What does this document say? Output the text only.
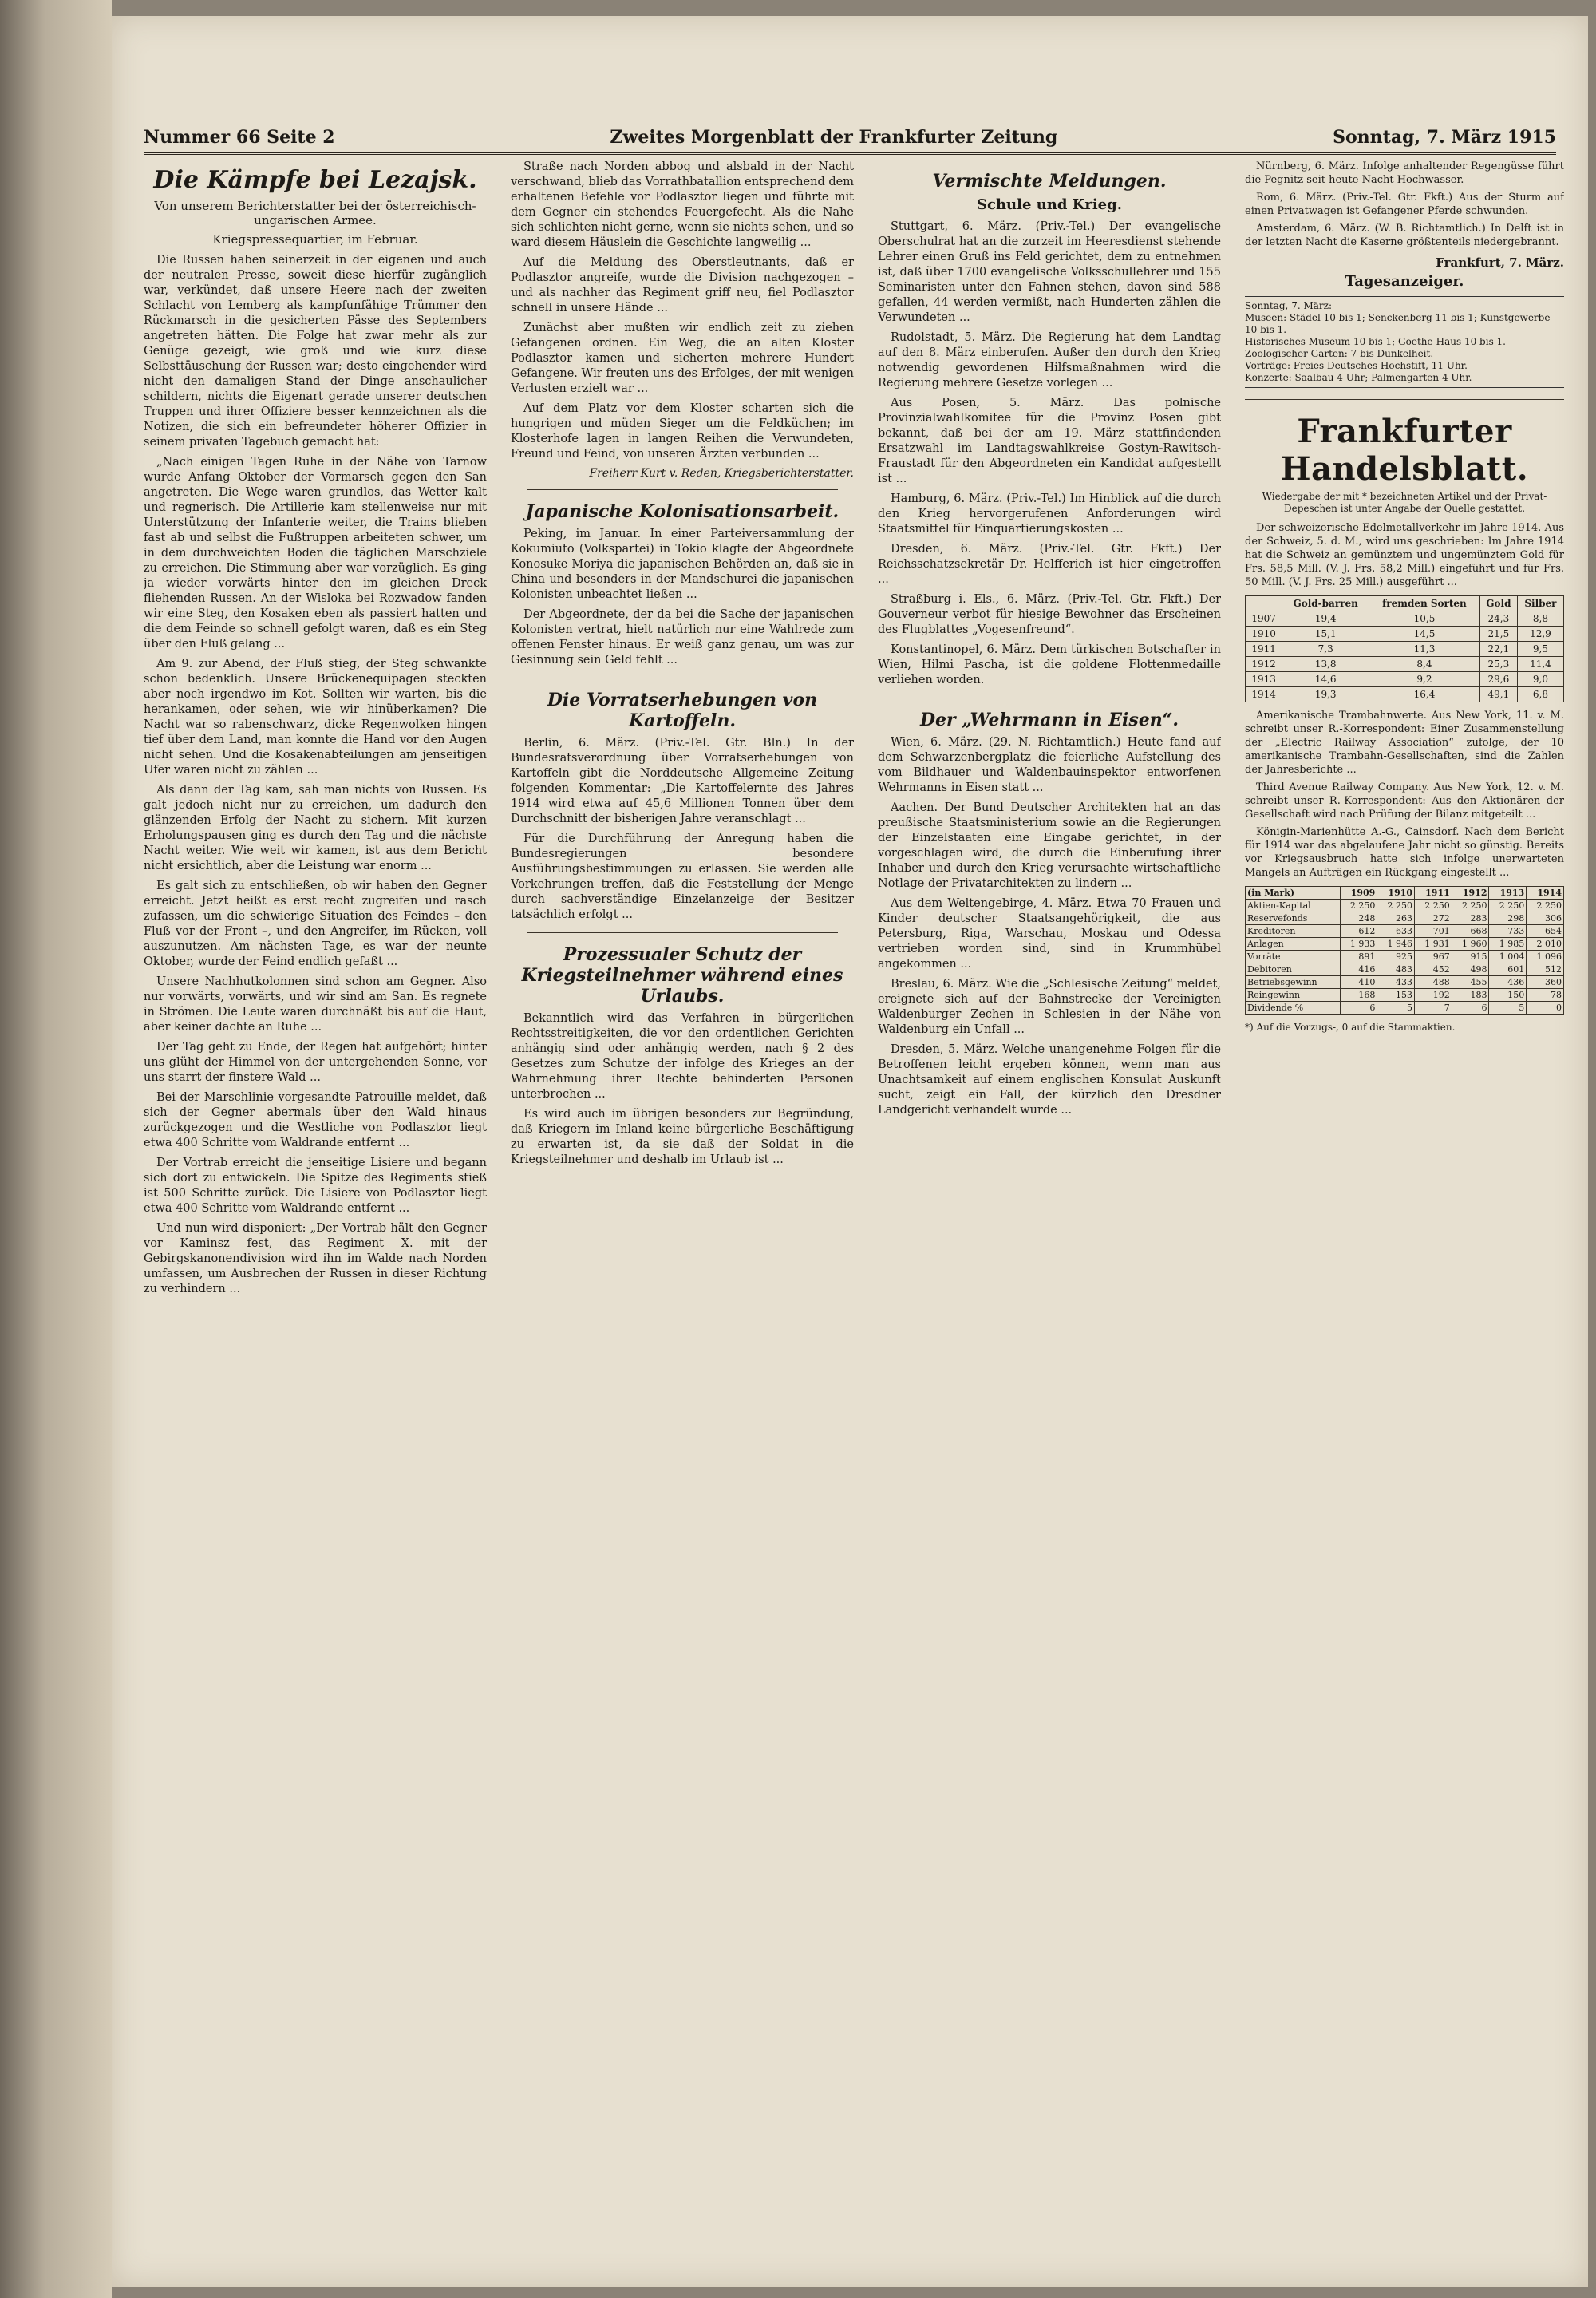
Nummer 66 Seite 2	Zweites Morgenblatt der Frankfurter Zeitung	Sonntag, 7. März 1915
Die Kämpfe bei Lezajsk.
Von unserem Berichterstatter bei der österreichisch-ungarischen Armee.
Kriegspressequartier, im Februar.

Die Russen haben seinerzeit in der eigenen und auch der neutralen Presse, soweit diese hierfür zugänglich war, verkündet, daß unsere Heere nach der zweiten Schlacht von Lemberg als kampfunfähige Trümmer den Rückmarsch in die gesicherten Pässe des Septembers angetreten hätten. Die Folge hat zwar mehr als zur Genüge gezeigt, wie groß und wie kurz diese Selbsttäuschung der Russen war; desto eingehender wird nicht den damaligen Stand der Dinge anschaulicher schildern, nichts die Eigenart gerade unserer deutschen Truppen und ihrer Offiziere besser kennzeichnen als die Notizen, die sich ein befreundeter höherer Offizier in seinem privaten Tagebuch gemacht hat:

„Nach einigen Tagen Ruhe in der Nähe von Tarnow wurde Anfang Oktober der Vormarsch gegen den San angetreten. Die Wege waren grundlos, das Wetter kalt und regnerisch. Die Artillerie kam stellenweise nur mit Unterstützung der Infanterie weiter, die Trains blieben fast ab und selbst die Fußtruppen arbeiteten schwer, um in dem durchweichten Boden die täglichen Marschziele zu erreichen. Die Stimmung aber war vorzüglich. Es ging ja wieder vorwärts hinter den im gleichen Dreck fliehenden Russen. An der Wisloka bei Rozwadow fanden wir eine Steg, den Kosaken eben als passiert hatten und die dem Feinde so schnell gefolgt waren, daß es ein Steg über den Fluß gelang ...

Am 9. zur Abend, der Fluß stieg, der Steg schwankte schon bedenklich. Unsere Brückenequipagen steckten aber noch irgendwo im Kot. Sollten wir warten, bis die herankamen, oder sehen, wie wir hinüberkamen? Die Nacht war so rabenschwarz, dicke Regenwolken hingen tief über dem Land, man konnte die Hand vor den Augen nicht sehen. Und die Kosakenabteilungen am jenseitigen Ufer waren nicht zu zählen ...

Als dann der Tag kam, sah man nichts von Russen. Es galt jedoch nicht nur zu erreichen, um dadurch den glänzenden Erfolg der Nacht zu sichern. Mit kurzen Erholungspausen ging es durch den Tag und die nächste Nacht weiter. Wie weit wir kamen, ist aus dem Bericht nicht ersichtlich, aber die Leistung war enorm ...

Es galt sich zu entschließen, ob wir haben den Gegner erreicht. Jetzt heißt es erst recht zugreifen und rasch zufassen, um die schwierige Situation des Feindes – den Fluß vor der Front –, und den Angreifer, im Rücken, voll auszunutzen. Am nächsten Tage, es war der neunte Oktober, wurde der Feind endlich gefaßt ...

Unsere Nachhutkolonnen sind schon am Gegner. Also nur vorwärts, vorwärts, und wir sind am San. Es regnete in Strömen. Die Leute waren durchnäßt bis auf die Haut, aber keiner dachte an Ruhe ...

Der Tag geht zu Ende, der Regen hat aufgehört; hinter uns glüht der Himmel von der untergehenden Sonne, vor uns starrt der finstere Wald ...

Bei der Marschlinie vorgesandte Patrouille meldet, daß sich der Gegner abermals über den Wald hinaus zurückgezogen und die Westliche von Podlasztor liegt etwa 400 Schritte vom Waldrande entfernt ...

Der Vortrab erreicht die jenseitige Lisiere und begann sich dort zu entwickeln. Die Spitze des Regiments stieß ist 500 Schritte zurück. Die Lisiere von Podlasztor liegt etwa 400 Schritte vom Waldrande entfernt ...

Und nun wird disponiert: „Der Vortrab hält den Gegner vor Kaminsz fest, das Regiment X. mit der Gebirgskanonendivision wird ihn im Walde nach Norden umfassen, um Ausbrechen der Russen in dieser Richtung zu verhindern ...

Straße nach Norden abbog und alsbald in der Nacht verschwand, blieb das Vorrathbatallion entsprechend dem erhaltenen Befehle vor Podlasztor liegen und führte mit dem Gegner ein stehendes Feuergefecht. Als die Nahe sich schlichten nicht gerne, wenn sie nichts sehen, und so ward diesem Häuslein die Geschichte langweilig ...

Auf die Meldung des Oberstleutnants, daß er Podlasztor angreife, wurde die Division nachgezogen – und als nachher das Regiment griff neu, fiel Podlasztor schnell in unsere Hände ...

Zunächst aber mußten wir endlich zeit zu ziehen Gefangenen ordnen. Ein Weg, die an alten Kloster Podlasztor kamen und sicherten mehrere Hundert Gefangene. Wir freuten uns des Erfolges, der mit wenigen Verlusten erzielt war ...

Auf dem Platz vor dem Kloster scharten sich die hungrigen und müden Sieger um die Feldküchen; im Klosterhofe lagen in langen Reihen die Verwundeten, Freund und Feind, von unseren Ärzten verbunden ...

Freiherr Kurt v. Reden, Kriegsberichterstatter.
Japanische Kolonisationsarbeit.

Peking, im Januar. In einer Parteiversammlung der Kokumiuto (Volkspartei) in Tokio klagte der Abgeordnete Konosuke Moriya die japanischen Behörden an, daß sie in China und besonders in der Mandschurei die japanischen Kolonisten unbeachtet ließen ...

Der Abgeordnete, der da bei die Sache der japanischen Kolonisten vertrat, hielt natürlich nur eine Wahlrede zum offenen Fenster hinaus. Er weiß ganz genau, um was zur Gesinnung sein Geld fehlt ...

Die Vorratserhebungen von Kartoffeln.

Berlin, 6. März. (Priv.-Tel. Gtr. Bln.) In der Bundesratsverordnung über Vorratserhebungen von Kartoffeln gibt die Norddeutsche Allgemeine Zeitung folgenden Kommentar: „Die Kartoffelernte des Jahres 1914 wird etwa auf 45,6 Millionen Tonnen über dem Durchschnitt der bisherigen Jahre veranschlagt ...

Für die Durchführung der Anregung haben die Bundesregierungen besondere Ausführungsbestimmungen zu erlassen. Sie werden alle Vorkehrungen treffen, daß die Feststellung der Menge durch sachverständige Einzelanzeige der Besitzer tatsächlich erfolgt ...

Prozessualer Schutz der Kriegsteilnehmer während eines Urlaubs.

Bekanntlich wird das Verfahren in bürgerlichen Rechtsstreitigkeiten, die vor den ordentlichen Gerichten anhängig sind oder anhängig werden, nach § 2 des Gesetzes zum Schutze der infolge des Krieges an der Wahrnehmung ihrer Rechte behinderten Personen unterbrochen ...

Es wird auch im übrigen besonders zur Begründung, daß Kriegern im Inland keine bürgerliche Beschäftigung zu erwarten ist, da sie daß der Soldat in die Kriegsteilnehmer und deshalb im Urlaub ist ...

Vermischte Meldungen.
Schule und Krieg.

Stuttgart, 6. März. (Priv.-Tel.) Der evangelische Oberschulrat hat an die zurzeit im Heeresdienst stehende Lehrer einen Gruß ins Feld gerichtet, dem zu entnehmen ist, daß über 1700 evangelische Volksschullehrer und 155 Seminaristen unter den Fahnen stehen, davon sind 588 gefallen, 44 werden vermißt, nach Hunderten zählen die Verwundeten ...

Rudolstadt, 5. März. Die Regierung hat dem Landtag auf den 8. März einberufen. Außer den durch den Krieg notwendig gewordenen Hilfsmaßnahmen wird die Regierung mehrere Gesetze vorlegen ...

Aus Posen, 5. März. Das polnische Provinzialwahlkomitee für die Provinz Posen gibt bekannt, daß bei der am 19. März stattfindenden Ersatzwahl im Landtagswahlkreise Gostyn-Rawitsch-Fraustadt für den Abgeordneten ein Kandidat aufgestellt ist ...

Hamburg, 6. März. (Priv.-Tel.) Im Hinblick auf die durch den Krieg hervorgerufenen Anforderungen wird Staatsmittel für Einquartierungskosten ...

Dresden, 6. März. (Priv.-Tel. Gtr. Fkft.) Der Reichsschatzsekretär Dr. Helfferich ist hier eingetroffen ...

Straßburg i. Els., 6. März. (Priv.-Tel. Gtr. Fkft.) Der Gouverneur verbot für hiesige Bewohner das Erscheinen des Flugblattes „Vogesenfreund“.

Konstantinopel, 6. März. Dem türkischen Botschafter in Wien, Hilmi Pascha, ist die goldene Flottenmedaille verliehen worden.

Der „Wehrmann in Eisen“.

Wien, 6. März. (29. N. Richtamtlich.) Heute fand auf dem Schwarzenbergplatz die feierliche Aufstellung des vom Bildhauer und Waldenbauinspektor entworfenen Wehrmanns in Eisen statt ...

Aachen. Der Bund Deutscher Architekten hat an das preußische Staatsministerium sowie an die Regierungen der Einzelstaaten eine Eingabe gerichtet, in der vorgeschlagen wird, die durch die Einberufung ihrer Inhaber und durch den Krieg verursachte wirtschaftliche Notlage der Privatarchitekten zu lindern ...

Aus dem Weltengebirge, 4. März. Etwa 70 Frauen und Kinder deutscher Staatsangehörigkeit, die aus Petersburg, Riga, Warschau, Moskau und Odessa vertrieben worden sind, sind in Krummhübel angekommen ...

Breslau, 6. März. Wie die „Schlesische Zeitung“ meldet, ereignete sich auf der Bahnstrecke der Vereinigten Waldenburger Zechen in Schlesien in der Nähe von Waldenburg ein Unfall ...

Dresden, 5. März. Welche unangenehme Folgen für die Betroffenen leicht ergeben können, wenn man aus Unachtsamkeit auf einem englischen Konsulat Auskunft sucht, zeigt ein Fall, der kürzlich den Dresdner Landgericht verhandelt wurde ...

Nürnberg, 6. März. Infolge anhaltender Regengüsse führt die Pegnitz seit heute Nacht Hochwasser.

Rom, 6. März. (Priv.-Tel. Gtr. Fkft.) Aus der Sturm auf einen Privatwagen ist Gefangener Pferde schwunden.

Amsterdam, 6. März. (W. B. Richtamtlich.) In Delft ist in der letzten Nacht die Kaserne größtenteils niedergebrannt.

Frankfurt, 7. März.
Tagesanzeiger.
Sonntag, 7. März:
Museen: Städel 10 bis 1; Senckenberg 11 bis 1; Kunstgewerbe 10 bis 1.
Historisches Museum 10 bis 1; Goethe-Haus 10 bis 1.
Zoologischer Garten: 7 bis Dunkelheit.
Vorträge: Freies Deutsches Hochstift, 11 Uhr.
Konzerte: Saalbau 4 Uhr; Palmengarten 4 Uhr.
Frankfurter Handelsblatt.
Wiedergabe der mit * bezeichneten Artikel und der Privat-Depeschen ist unter Angabe der Quelle gestattet.

Der schweizerische Edelmetallverkehr im Jahre 1914. Aus der Schweiz, 5. d. M., wird uns geschrieben: Im Jahre 1914 hat die Schweiz an gemünztem und ungemünztem Gold für Frs. 58,5 Mill. (V. J. Frs. 58,2 Mill.) eingeführt und für Frs. 50 Mill. (V. J. Frs. 25 Mill.) ausgeführt ...

	Gold-barren	fremden Sorten	Gold	Silber
1907	19,4	10,5	24,3	8,8
1910	15,1	14,5	21,5	12,9
1911	7,3	11,3	22,1	9,5
1912	13,8	8,4	25,3	11,4
1913	14,6	9,2	29,6	9,0
1914	19,3	16,4	49,1	6,8

Amerikanische Trambahnwerte. Aus New York, 11. v. M. schreibt unser R.-Korrespondent: Einer Zusammenstellung der „Electric Railway Association“ zufolge, der 10 amerikanische Trambahn-Gesellschaften, sind die Zahlen der Jahresberichte ...

Third Avenue Railway Company. Aus New York, 12. v. M. schreibt unser R.-Korrespondent: Aus den Aktionären der Gesellschaft wird nach Prüfung der Bilanz mitgeteilt ...

Königin-Marienhütte A.-G., Cainsdorf. Nach dem Bericht für 1914 war das abgelaufene Jahr nicht so günstig. Bereits vor Kriegsausbruch hatte sich infolge unerwarteten Mangels an Aufträgen ein Rückgang eingestellt ...

(in Mark)	1909	1910	1911	1912	1913	1914
Aktien-Kapital	2 250	2 250	2 250	2 250	2 250	2 250
Reservefonds	248	263	272	283	298	306
Kreditoren	612	633	701	668	733	654
Anlagen	1 933	1 946	1 931	1 960	1 985	2 010
Vorräte	891	925	967	915	1 004	1 096
Debitoren	416	483	452	498	601	512
Betriebsgewinn	410	433	488	455	436	360
Reingewinn	168	153	192	183	150	78
Dividende %	6	5	7	6	5	0
*) Auf die Vorzugs-, 0 auf die Stammaktien.
